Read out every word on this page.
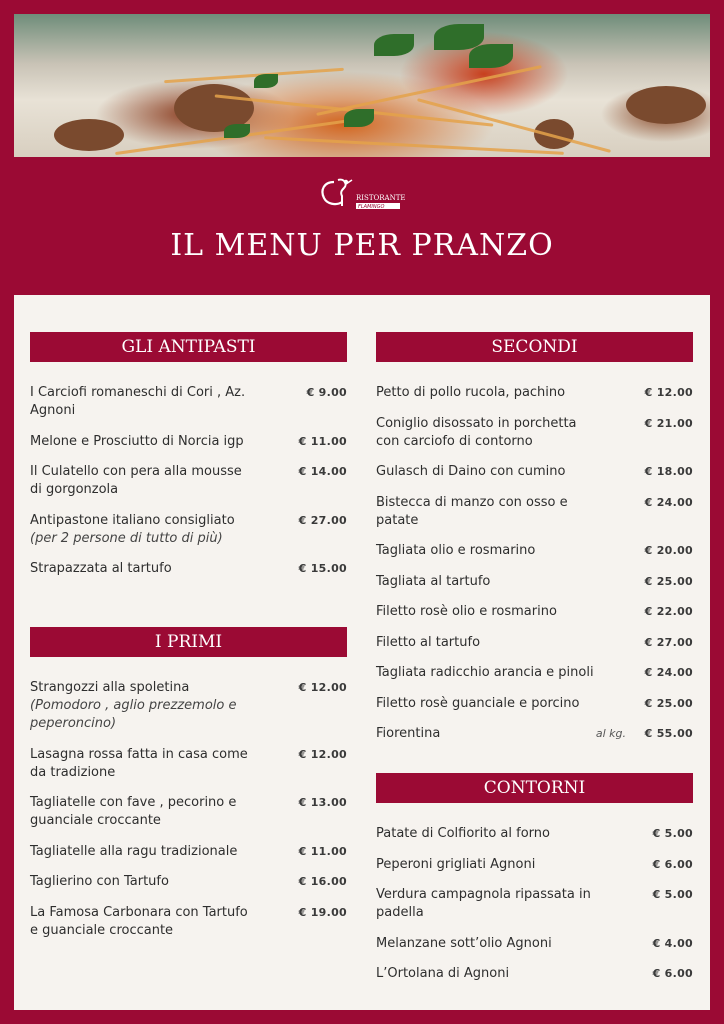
RISTORANTE
FLAMINGO
IL MENU PER PRANZO
GLI ANTIPASTI
I Carciofi romaneschi di Cori , Az. Agnoni
€ 9.00
Melone e Prosciutto di Norcia igp	€ 11.00
Il Culatello con pera alla mousse di gorgonzola
€ 14.00
Antipastone italiano consigliato
(per 2 persone di tutto di più)
€ 27.00
Strapazzata al tartufo	€ 15.00
I PRIMI
Strangozzi alla spoletina
(Pomodoro , aglio prezzemolo e peperoncino)
€ 12.00
Lasagna rossa fatta in casa come da tradizione
€ 12.00
Tagliatelle con fave , pecorino e guanciale croccante
€ 13.00
Tagliatelle alla ragu tradizionale	€ 11.00
Taglierino con Tartufo	€ 16.00
La Famosa Carbonara con Tartufo e guanciale croccante
€ 19.00
SECONDI
Petto di pollo rucola, pachino	€ 12.00
Coniglio disossato in porchetta con carciofo di contorno
€ 21.00
Gulasch di Daino con cumino	€ 18.00
Bistecca di manzo con osso e patate
€ 24.00
Tagliata olio e rosmarino	€ 20.00
Tagliata al tartufo	€ 25.00
Filetto rosè olio e rosmarino	€ 22.00
Filetto al tartufo	€ 27.00
Tagliata radicchio arancia e pinoli	€ 24.00
Filetto rosè guanciale e porcino	€ 25.00
Fiorentina	al kg.	€ 55.00
CONTORNI
Patate di Colfiorito al forno	€ 5.00
Peperoni grigliati Agnoni	€ 6.00
Verdura campagnola ripassata in padella
€ 5.00
Melanzane sott’olio Agnoni	€ 4.00
L’Ortolana di Agnoni	€ 6.00
